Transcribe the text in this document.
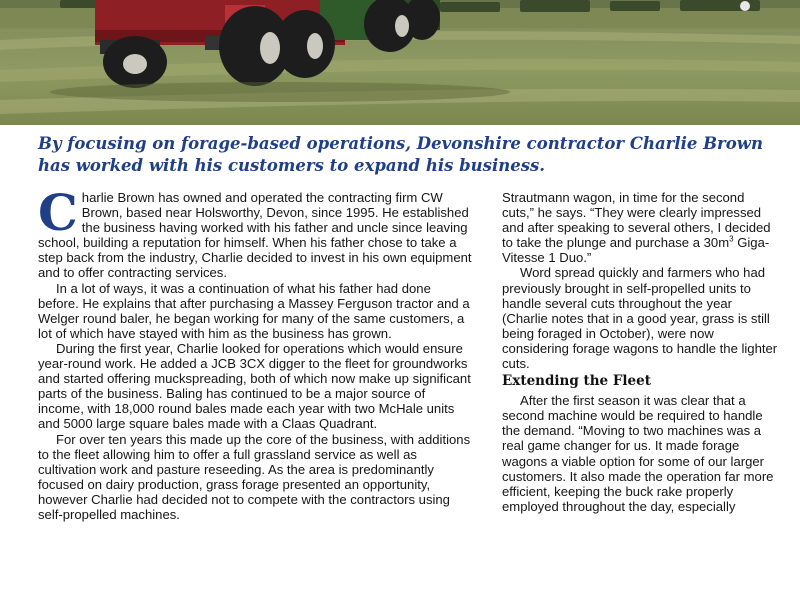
By focusing on forage-based operations, Devonshire contractor Charlie Brown has worked with his customers to expand his business.

Charlie Brown has owned and operated the contracting firm CW Brown, based near Holsworthy, Devon, since 1995. He established the business having worked with his father and uncle since leaving school, building a reputation for himself. When his father chose to take a step back from the industry, Charlie decided to invest in his own equipment and to offer contracting services.

In a lot of ways, it was a continuation of what his father had done before. He explains that after purchasing a Massey Ferguson tractor and a Welger round baler, he began working for many of the same customers, a lot of which have stayed with him as the business has grown.

During the first year, Charlie looked for operations which would ensure year-round work. He added a JCB 3CX digger to the fleet for groundworks and started offering muckspreading, both of which now make up significant parts of the business. Baling has continued to be a major source of income, with 18,000 round bales made each year with two McHale units and 5000 large square bales made with a Claas Quadrant.

For over ten years this made up the core of the business, with additions to the fleet allowing him to offer a full grassland service as well as cultivation work and pasture reseeding. As the area is predominantly focused on dairy production, grass forage presented an opportunity, however Charlie had decided not to compete with the contractors using self-propelled machines.

Strautmann wagon, in time for the second cuts,” he says. “They were clearly impressed and after speaking to several others, I decided to take the plunge and purchase a $30m^3$ Giga-Vitesse 1 Duo.”

Word spread quickly and farmers who had previously brought in self-propelled units to handle several cuts throughout the year (Charlie notes that in a good year, grass is still being foraged in October), were now considering forage wagons to handle the lighter cuts.

Extending the Fleet

After the first season it was clear that a second machine would be required to handle the demand. “Moving to two machines was a real game changer for us. It made forage wagons a viable option for some of our larger customers. It also made the operation far more efficient, keeping the buck rake properly employed throughout the day, especially
